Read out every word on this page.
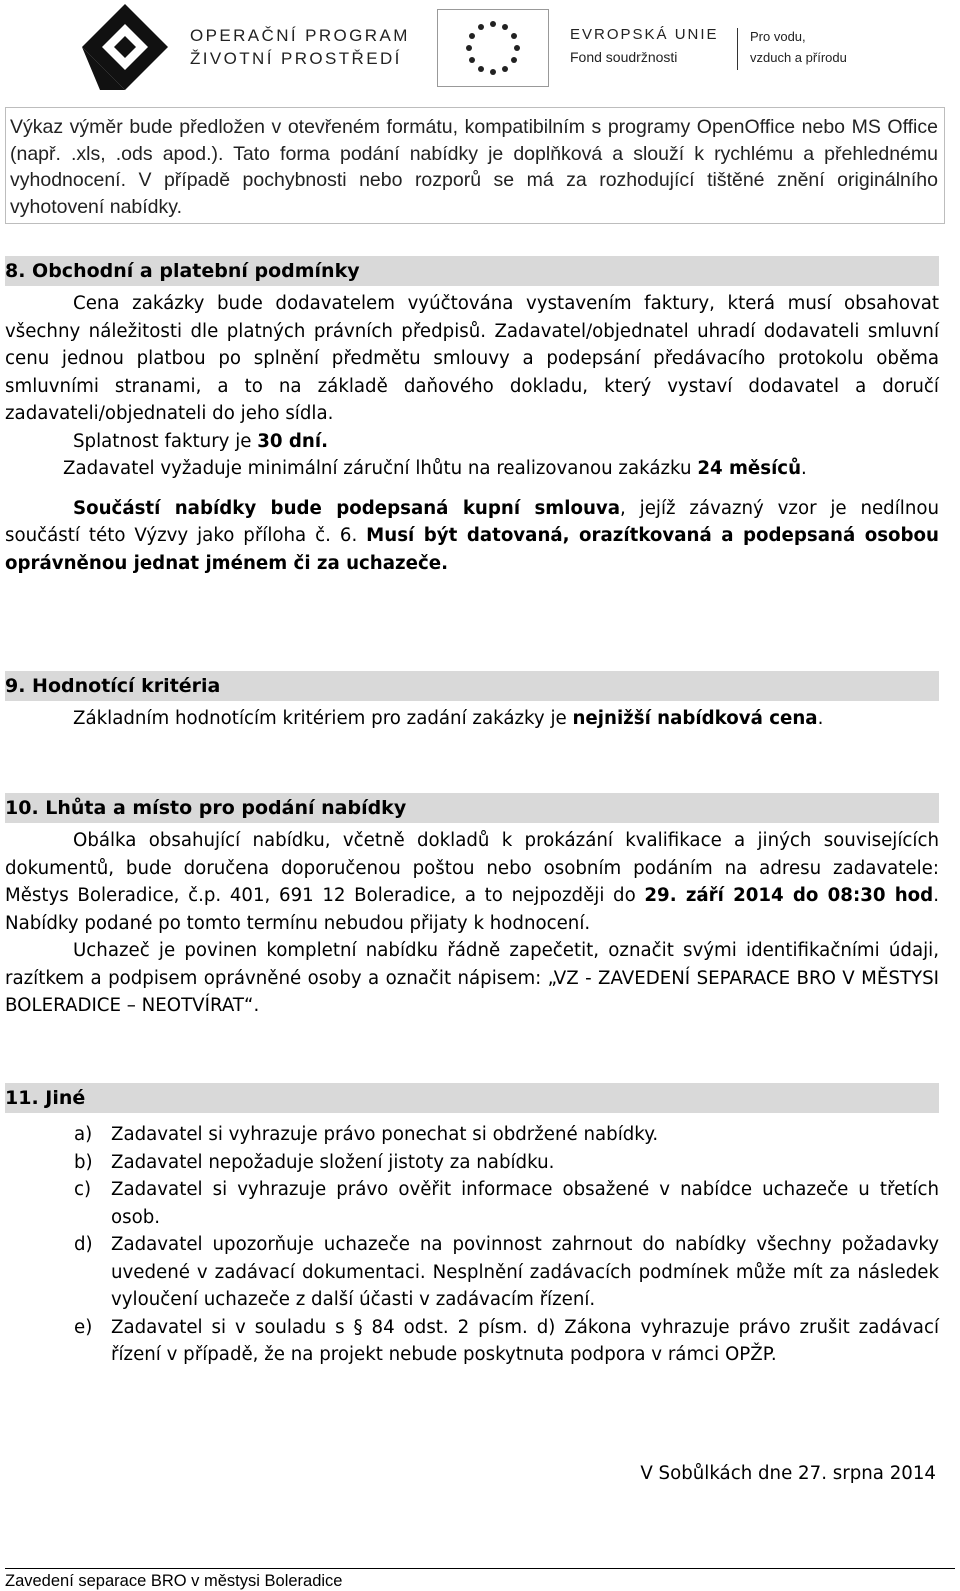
OPERAČNÍ PROGRAM
ŽIVOTNÍ PROSTŘEDÍ
EVROPSKÁ UNIE
Fond soudržnosti
Pro vodu,
vzduch a přírodu
Výkaz výměr bude předložen v otevřeném formátu, kompatibilním s programy OpenOffice nebo MS Office (např. .xls, .ods apod.). Tato forma podání nabídky je doplňková a slouží k rychlému a přehlednému vyhodnocení. V případě pochybnosti nebo rozporů se má za rozhodující tištěné znění originálního vyhotovení nabídky.
8. Obchodní a platební podmínky

Cena zakázky bude dodavatelem vyúčtována vystavením faktury, která musí obsahovat všechny náležitosti dle platných právních předpisů. Zadavatel/objednatel uhradí dodavateli smluvní cenu jednou platbou po splnění předmětu smlouvy a podepsání předávacího protokolu oběma smluvními stranami, a to na základě daňového dokladu, který vystaví dodavatel a doručí zadavateli/objednateli do jeho sídla.

Splatnost faktury je 30 dní.

Zadavatel vyžaduje minimální záruční lhůtu na realizovanou zakázku 24 měsíců.

Součástí nabídky bude podepsaná kupní smlouva, jejíž závazný vzor je nedílnou součástí této Výzvy jako příloha č. 6. Musí být datovaná, orazítkovaná a podepsaná osobou oprávněnou jednat jménem či za uchazeče.

9. Hodnotící kritéria

Základním hodnotícím kritériem pro zadání zakázky je nejnižší nabídková cena.

10. Lhůta a místo pro podání nabídky

Obálka obsahující nabídku, včetně dokladů k prokázání kvalifikace a jiných souvisejících dokumentů, bude doručena doporučenou poštou nebo osobním podáním na adresu zadavatele: Městys Boleradice, č.p. 401, 691 12 Boleradice, a to nejpozději do 29. září 2014 do 08:30 hod. Nabídky podané po tomto termínu nebudou přijaty k hodnocení.

Uchazeč je povinen kompletní nabídku řádně zapečetit, označit svými identifikačními údaji, razítkem a podpisem oprávněné osoby a označit nápisem: „VZ - ZAVEDENÍ SEPARACE BRO V MĚSTYSI BOLERADICE – NEOTVÍRAT“.

11. Jiné
a) Zadavatel si vyhrazuje právo ponechat si obdržené nabídky.
b) Zadavatel nepožaduje složení jistoty za nabídku.
c) Zadavatel si vyhrazuje právo ověřit informace obsažené v nabídce uchazeče u třetích osob.
d) Zadavatel upozorňuje uchazeče na povinnost zahrnout do nabídky všechny požadavky uvedené v zadávací dokumentaci. Nesplnění zadávacích podmínek může mít za následek vyloučení uchazeče z další účasti v zadávacím řízení.
e) Zadavatel si v souladu s § 84 odst. 2 písm. d) Zákona vyhrazuje právo zrušit zadávací řízení v případě, že na projekt nebude poskytnuta podpora v rámci OPŽP.
V Sobůlkách dne 27. srpna 2014
Zavedení separace BRO v městysi Boleradice
